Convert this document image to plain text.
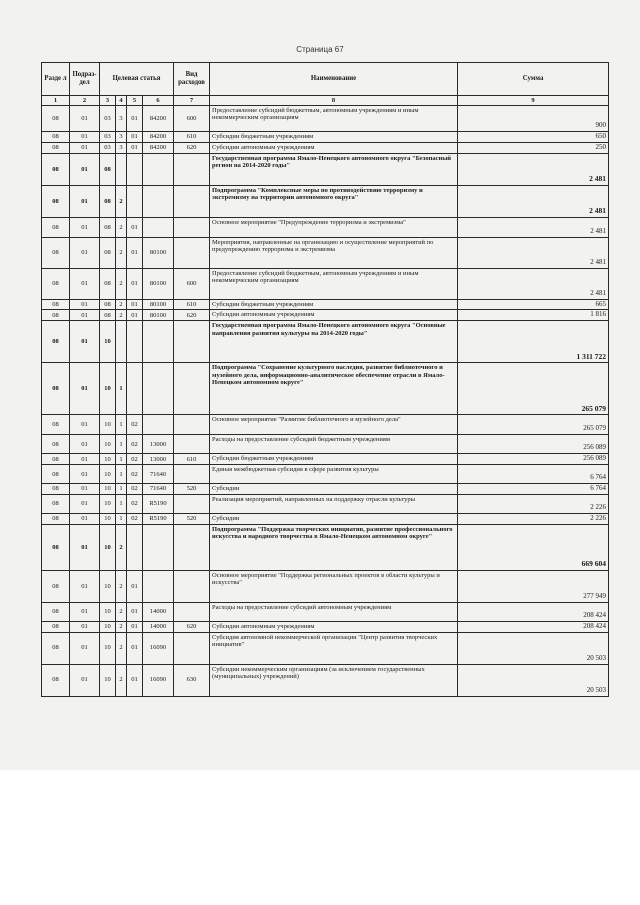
Страница 67
Разде л	Подраз- дел	Целевая статья				Вид расходов	Наименование	Сумма
1	2	3	4	5	6	7	8	9
08	01	03	3	01	84200	600	Предоставление субсидий бюджетным, автономным учреждениям и иным некоммерческим организациям	900
08	01	03	3	01	84200	610	Субсидии бюджетным учреждениям	650
08	01	03	3	01	84200	620	Субсидии автономным учреждениям	250
08	01	08					Государственная программа Ямало-Ненецкого автономного округа "Безопасный регион на 2014-2020 годы"	2 481
08	01	08	2				Подпрограмма "Комплексные меры по противодействию терроризму и экстремизму на территории автономного округа"	2 481
08	01	08	2	01			Основное мероприятие "Предупреждение терроризма и экстремизма"	2 481
08	01	08	2	01	80100		Мероприятия, направленные на организацию и осуществление мероприятий по предупреждению терроризма и экстремизма	2 481
08	01	08	2	01	80100	600	Предоставление субсидий бюджетным, автономным учреждениям и иным некоммерческим организациям	2 481
08	01	08	2	01	80100	610	Субсидии бюджетным учреждениям	665
08	01	08	2	01	80100	620	Субсидии автономным учреждениям	1 816
08	01	10					Государственная программа Ямало-Ненецкого автономного округа "Основные направления развития культуры на 2014-2020 годы"	1 311 722
08	01	10	1				Подпрограмма "Сохранение культурного наследия, развитие библиотечного и музейного дела, информационно-аналитическое обеспечение отрасли в Ямало-Ненецком автономном округе"	265 079
08	01	10	1	02			Основное мероприятие "Развитие библиотечного и музейного дела"	265 079
08	01	10	1	02	13000		Расходы на предоставление субсидий бюджетным учреждениям	256 089
08	01	10	1	02	13000	610	Субсидии бюджетным учреждениям	256 089
08	01	10	1	02	71640		Единая межбюджетная субсидия в сфере развития культуры	6 764
08	01	10	1	02	71640	520	Субсидии	6 764
08	01	10	1	02	R5190		Реализация мероприятий, направленных на поддержку отрасли культуры	2 226
08	01	10	1	02	R5190	520	Субсидии	2 226
08	01	10	2				Подпрограмма "Поддержка творческих инициатив, развитие профессионального искусства и народного творчества в Ямало-Ненецком автономном округе"	669 604
08	01	10	2	01			Основное мероприятие "Поддержка региональных проектов в области культуры и искусства"	277 949
08	01	10	2	01	14000		Расходы на предоставление субсидий автономным учреждениям	208 424
08	01	10	2	01	14000	620	Субсидии автономным учреждениям	208 424
08	01	10	2	01	16090		Субсидия автономной некоммерческой организации "Центр развития творческих инициатив"	20 503
08	01	10	2	01	16090	630	Субсидии некоммерческим организациям (за исключением государственных (муниципальных) учреждений)	20 503
